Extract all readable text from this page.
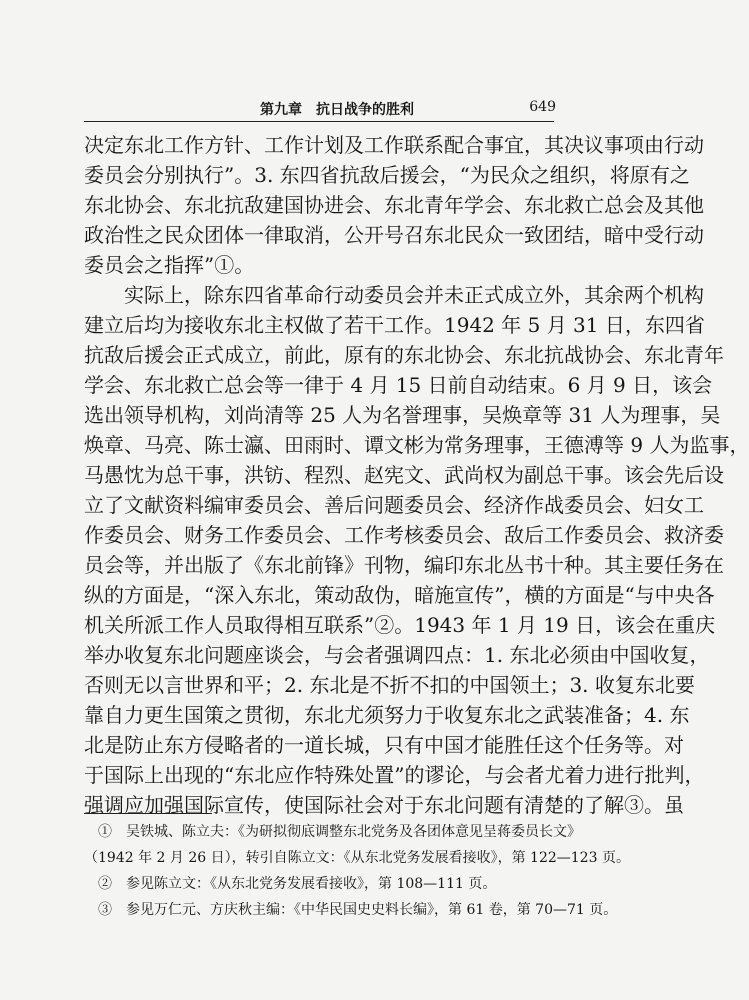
第九章　抗日战争的胜利	649
决定东北工作方针、工作计划及工作联系配合事宜，其决议事项由行动
委员会分别执行”。3. 东四省抗敌后援会，“为民众之组织，将原有之
东北协会、东北抗敌建国协进会、东北青年学会、东北救亡总会及其他
政治性之民众团体一律取消，公开号召东北民众一致团结，暗中受行动
委员会之指挥”①。
　　实际上，除东四省革命行动委员会并未正式成立外，其余两个机构
建立后均为接收东北主权做了若干工作。1942 年 5 月 31 日，东四省
抗敌后援会正式成立，前此，原有的东北协会、东北抗战协会、东北青年
学会、东北救亡总会等一律于 4 月 15 日前自动结束。6 月 9 日，该会
选出领导机构，刘尚清等 25 人为名誉理事，吴焕章等 31 人为理事，吴
焕章、马亮、陈士瀛、田雨时、谭文彬为常务理事，王德溥等 9 人为监事，
马愚忱为总干事，洪钫、程烈、赵宪文、武尚权为副总干事。该会先后设
立了文献资料编审委员会、善后问题委员会、经济作战委员会、妇女工
作委员会、财务工作委员会、工作考核委员会、敌后工作委员会、救济委
员会等，并出版了《东北前锋》刊物，编印东北丛书十种。其主要任务在
纵的方面是，“深入东北，策动敌伪，暗施宣传”，横的方面是“与中央各
机关所派工作人员取得相互联系”②。1943 年 1 月 19 日，该会在重庆
举办收复东北问题座谈会，与会者强调四点：1. 东北必须由中国收复，
否则无以言世界和平；2. 东北是不折不扣的中国领土；3. 收复东北要
靠自力更生国策之贯彻，东北尤须努力于收复东北之武装准备；4. 东
北是防止东方侵略者的一道长城，只有中国才能胜任这个任务等。对
于国际上出现的“东北应作特殊处置”的谬论，与会者尤着力进行批判，
强调应加强国际宣传，使国际社会对于东北问题有清楚的了解③。虽
　①　吴铁城、陈立夫：《为研拟彻底调整东北党务及各团体意见呈蒋委员长文》
（1942 年 2 月 26 日），转引自陈立文：《从东北党务发展看接收》，第 122—123 页。
　②　参见陈立文：《从东北党务发展看接收》，第 108—111 页。
　③　参见万仁元、方庆秋主编：《中华民国史史料长编》，第 61 卷，第 70—71 页。
